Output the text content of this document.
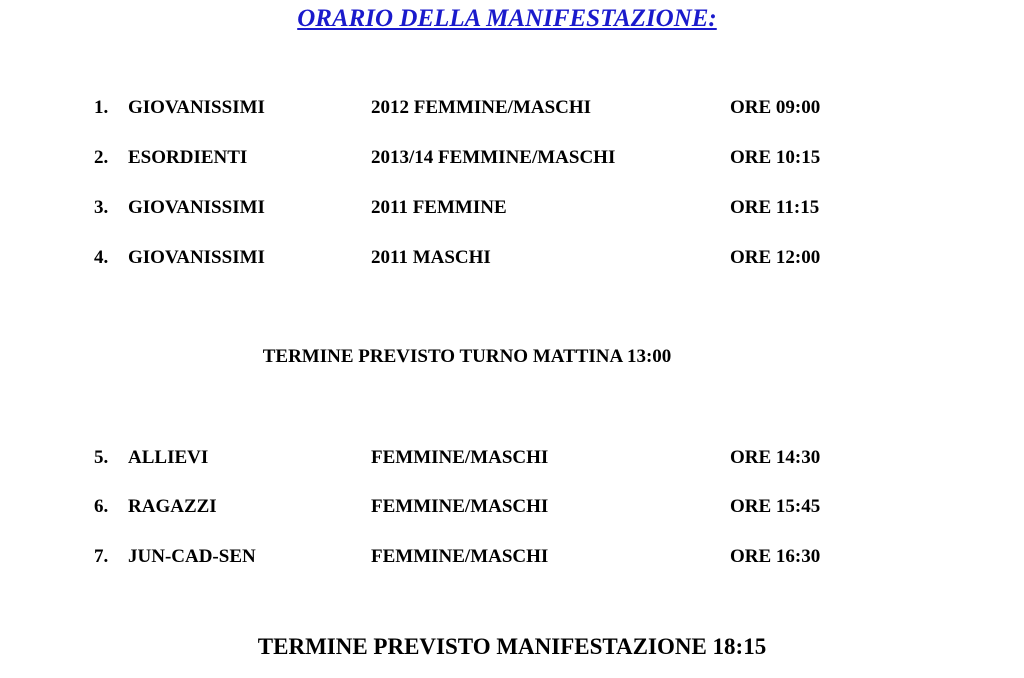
ORARIO DELLA MANIFESTAZIONE:
1. GIOVANISSIMI	2012 FEMMINE/MASCHI	ORE 09:00
2. ESORDIENTI	2013/14 FEMMINE/MASCHI	ORE 10:15
3. GIOVANISSIMI	2011 FEMMINE	ORE 11:15
4. GIOVANISSIMI	2011 MASCHI	ORE 12:00
TERMINE PREVISTO TURNO MATTINA 13:00
5. ALLIEVI	FEMMINE/MASCHI	ORE 14:30
6. RAGAZZI	FEMMINE/MASCHI	ORE 15:45
7. JUN-CAD-SEN	FEMMINE/MASCHI	ORE 16:30
TERMINE PREVISTO MANIFESTAZIONE 18:15
